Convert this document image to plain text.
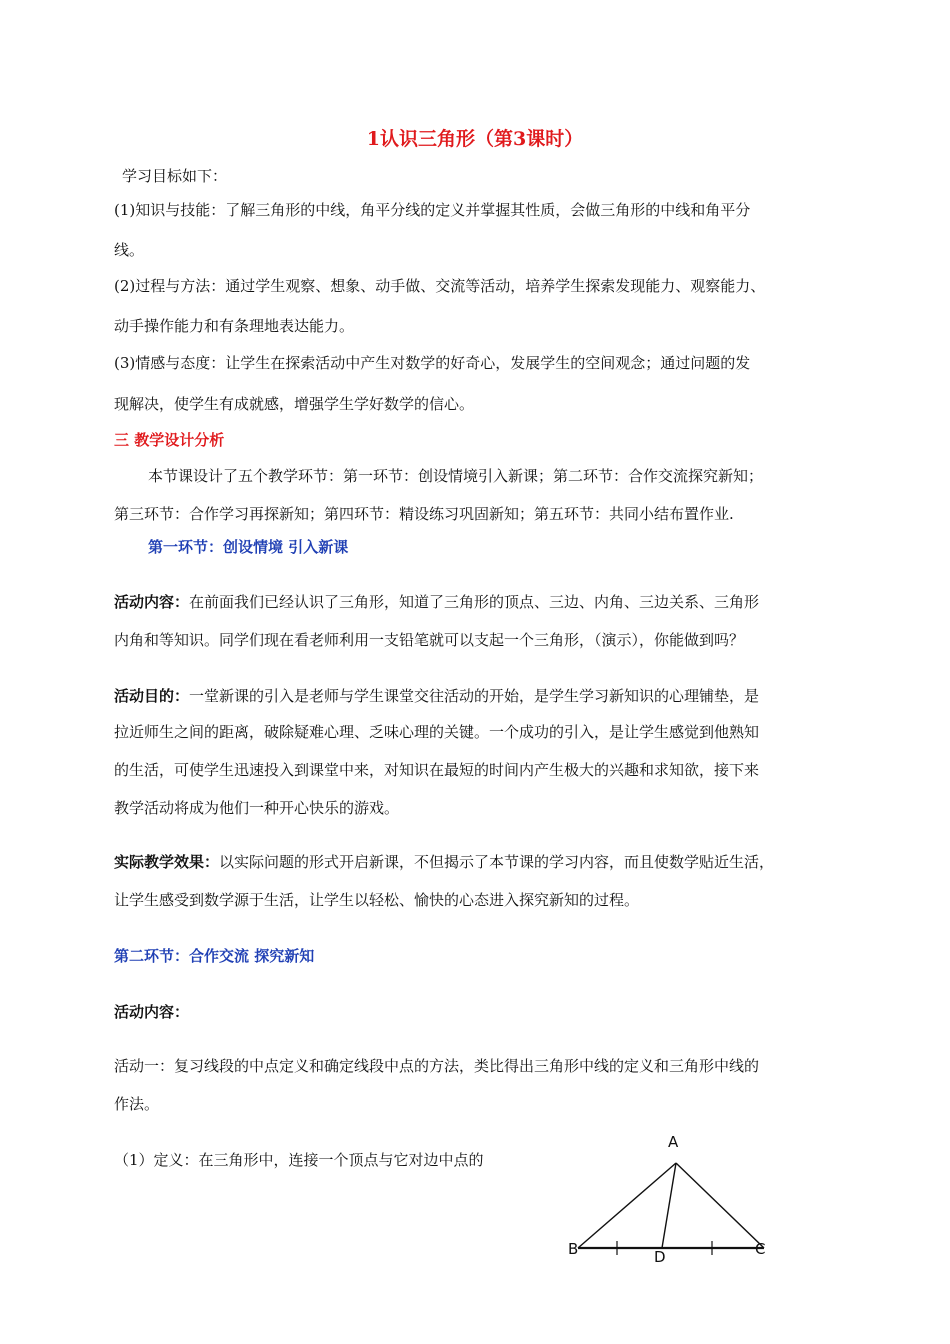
1认识三角形（第3课时）
学习目标如下：
(1)知识与技能：了解三角形的中线，角平分线的定义并掌握其性质，会做三角形的中线和角平分
线。
(2)过程与方法：通过学生观察、想象、动手做、交流等活动，培养学生探索发现能力、观察能力、
动手操作能力和有条理地表达能力。
(3)情感与态度：让学生在探索活动中产生对数学的好奇心，发展学生的空间观念；通过问题的发
现解决，使学生有成就感，增强学生学好数学的信心。
三 教学设计分析
本节课设计了五个教学环节：第一环节：创设情境引入新课；第二环节：合作交流探究新知；
第三环节：合作学习再探新知；第四环节：精设练习巩固新知；第五环节：共同小结布置作业.
第一环节：创设情境 引入新课
活动内容：在前面我们已经认识了三角形，知道了三角形的顶点、三边、内角、三边关系、三角形
内角和等知识。同学们现在看老师利用一支铅笔就可以支起一个三角形，（演示），你能做到吗？
活动目的：一堂新课的引入是老师与学生课堂交往活动的开始，是学生学习新知识的心理铺垫，是
拉近师生之间的距离，破除疑难心理、乏味心理的关键。一个成功的引入，是让学生感觉到他熟知
的生活，可使学生迅速投入到课堂中来，对知识在最短的时间内产生极大的兴趣和求知欲，接下来
教学活动将成为他们一种开心快乐的游戏。
实际教学效果：以实际问题的形式开启新课，不但揭示了本节课的学习内容，而且使数学贴近生活，
让学生感受到数学源于生活，让学生以轻松、愉快的心态进入探究新知的过程。
第二环节：合作交流 探究新知
活动内容：
活动一：复习线段的中点定义和确定线段中点的方法，类比得出三角形中线的定义和三角形中线的
作法。
（1）定义：在三角形中，连接一个顶点与它对边中点的
A
B	C
D
